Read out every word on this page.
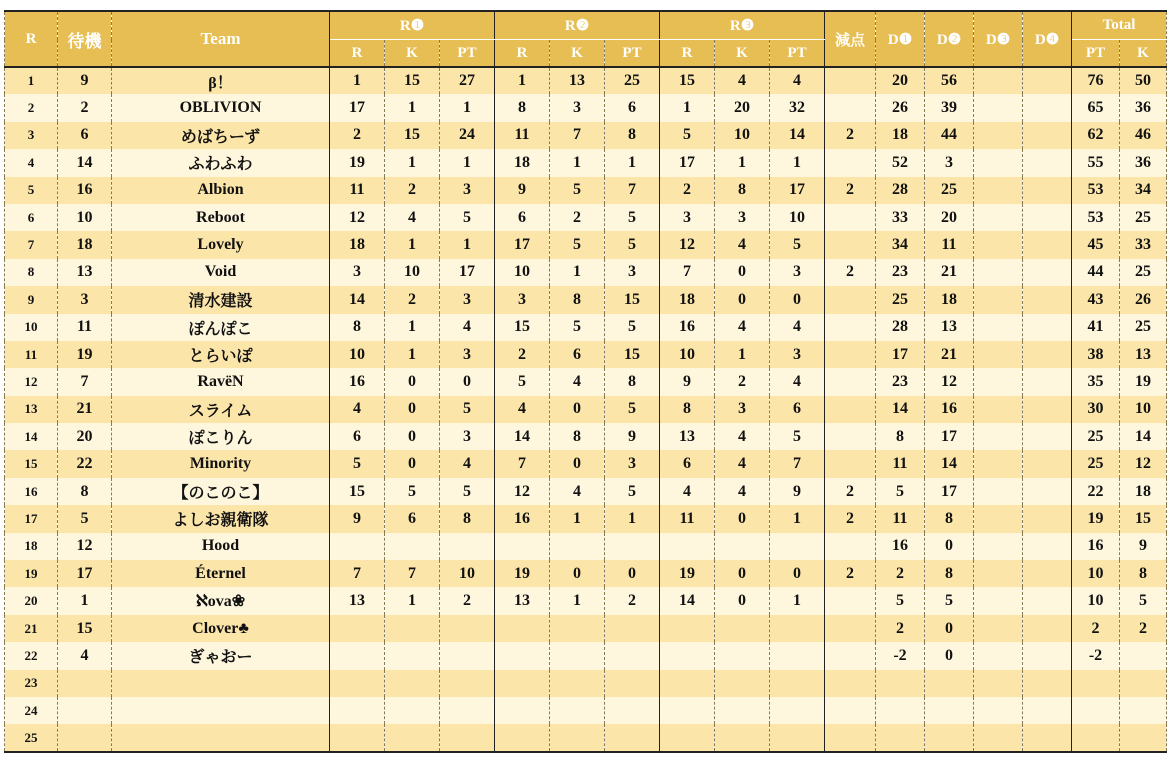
R	待機	Team	R❶			R❷			R❸			減点	D❶	D❷	D❸	D❹	Total	
			R	K	PT	R	K	PT	R	K	PT						PT	K
1	9	β！	1	15	27	1	13	25	15	4	4		20	56			76	50
2	2	OBLIVION	17	1	1	8	3	6	1	20	32		26	39			65	36
3	6	めばちーず	2	15	24	11	7	8	5	10	14	2	18	44			62	46
4	14	ふわふわ	19	1	1	18	1	1	17	1	1		52	3			55	36
5	16	Albion	11	2	3	9	5	7	2	8	17	2	28	25			53	34
6	10	Reboot	12	4	5	6	2	5	3	3	10		33	20			53	25
7	18	Lovely	18	1	1	17	5	5	12	4	5		34	11			45	33
8	13	Void	3	10	17	10	1	3	7	0	3	2	23	21			44	25
9	3	清水建設	14	2	3	3	8	15	18	0	0		25	18			43	26
10	11	ぽんぽこ	8	1	4	15	5	5	16	4	4		28	13			41	25
11	19	とらいぽ	10	1	3	2	6	15	10	1	3		17	21			38	13
12	7	RavëN	16	0	0	5	4	8	9	2	4		23	12			35	19
13	21	スライム	4	0	5	4	0	5	8	3	6		14	16			30	10
14	20	ぽこりん	6	0	3	14	8	9	13	4	5		8	17			25	14
15	22	Minority	5	0	4	7	0	3	6	4	7		11	14			25	12
16	8	【のこのこ】	15	5	5	12	4	5	4	4	9	2	5	17			22	18
17	5	よしお親衛隊	9	6	8	16	1	1	11	0	1	2	11	8			19	15
18	12	Hood											16	0			16	9
19	17	Éternel	7	7	10	19	0	0	19	0	0	2	2	8			10	8
20	1	ℵova❀	13	1	2	13	1	2	14	0	1		5	5			10	5
21	15	Clover♣											2	0			2	2
22	4	ぎゃおー											-2	0			-2	
23																		
24																		
25																		
